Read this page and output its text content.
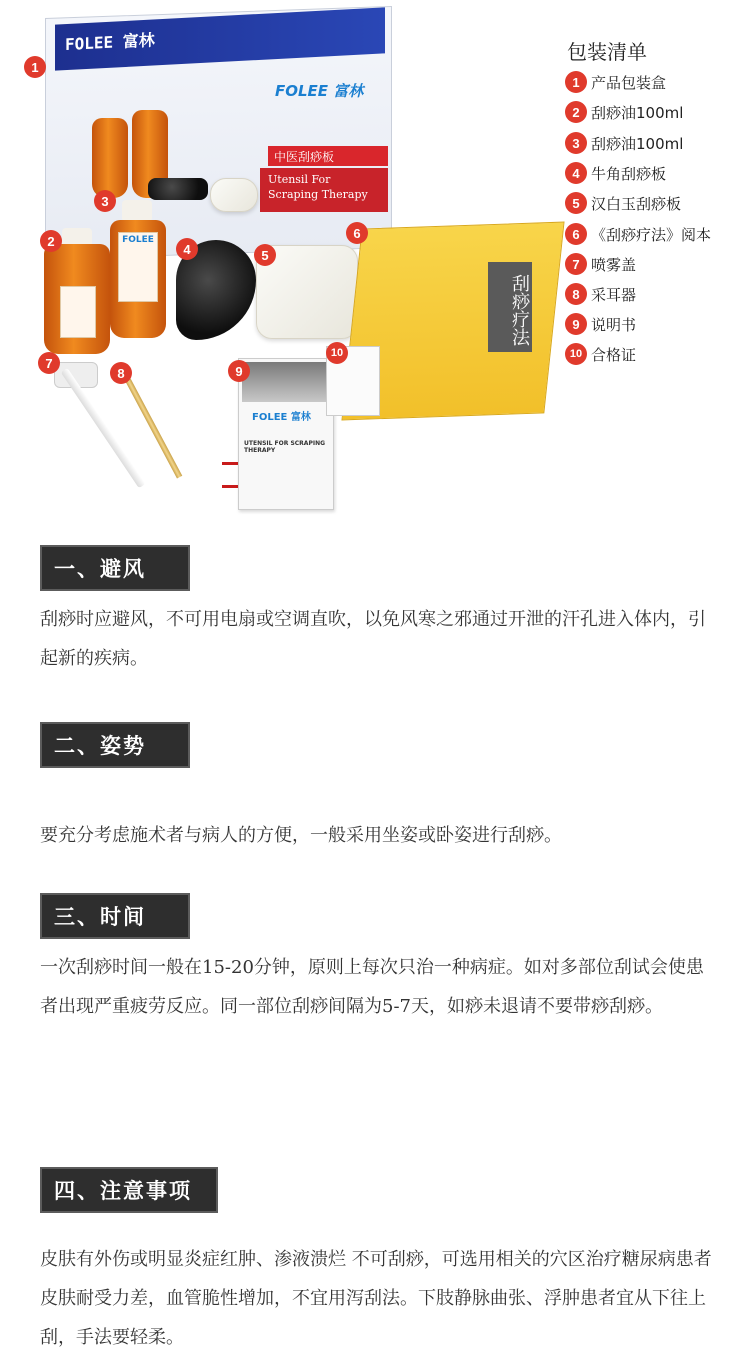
FOLEE 富林
FOLEE 富林
中医刮痧板
Utensil For Scraping Therapy
FOLEE
刮痧疗法
FOLEE 富林
UTENSIL FOR SCRAPING THERAPY
1
2
3
4	5
6
7
8	9
10
包装清单
1 产品包装盒
2 刮痧油100ml
3 刮痧油100ml
4 牛角刮痧板
5 汉白玉刮痧板
6 《刮痧疗法》阅本
7 喷雾盖
8 采耳器
9 说明书
10 合格证
一、避风
刮痧时应避风，不可用电扇或空调直吹，以免风寒之邪通过开泄的汗孔进入体内，引起新的疾病。
二、姿势
要充分考虑施术者与病人的方便，一般采用坐姿或卧姿进行刮痧。
三、时间
一次刮痧时间一般在15-20分钟，原则上每次只治一种病症。如对多部位刮试会使患者出现严重疲劳反应。同一部位刮痧间隔为5-7天，如痧未退请不要带痧刮痧。
四、注意事项
皮肤有外伤或明显炎症红肿、渗液溃烂 不可刮痧，可选用相关的穴区治疗糖尿病患者皮肤耐受力差，血管脆性增加，不宜用泻刮法。下肢静脉曲张、浮肿患者宜从下往上刮，手法要轻柔。
